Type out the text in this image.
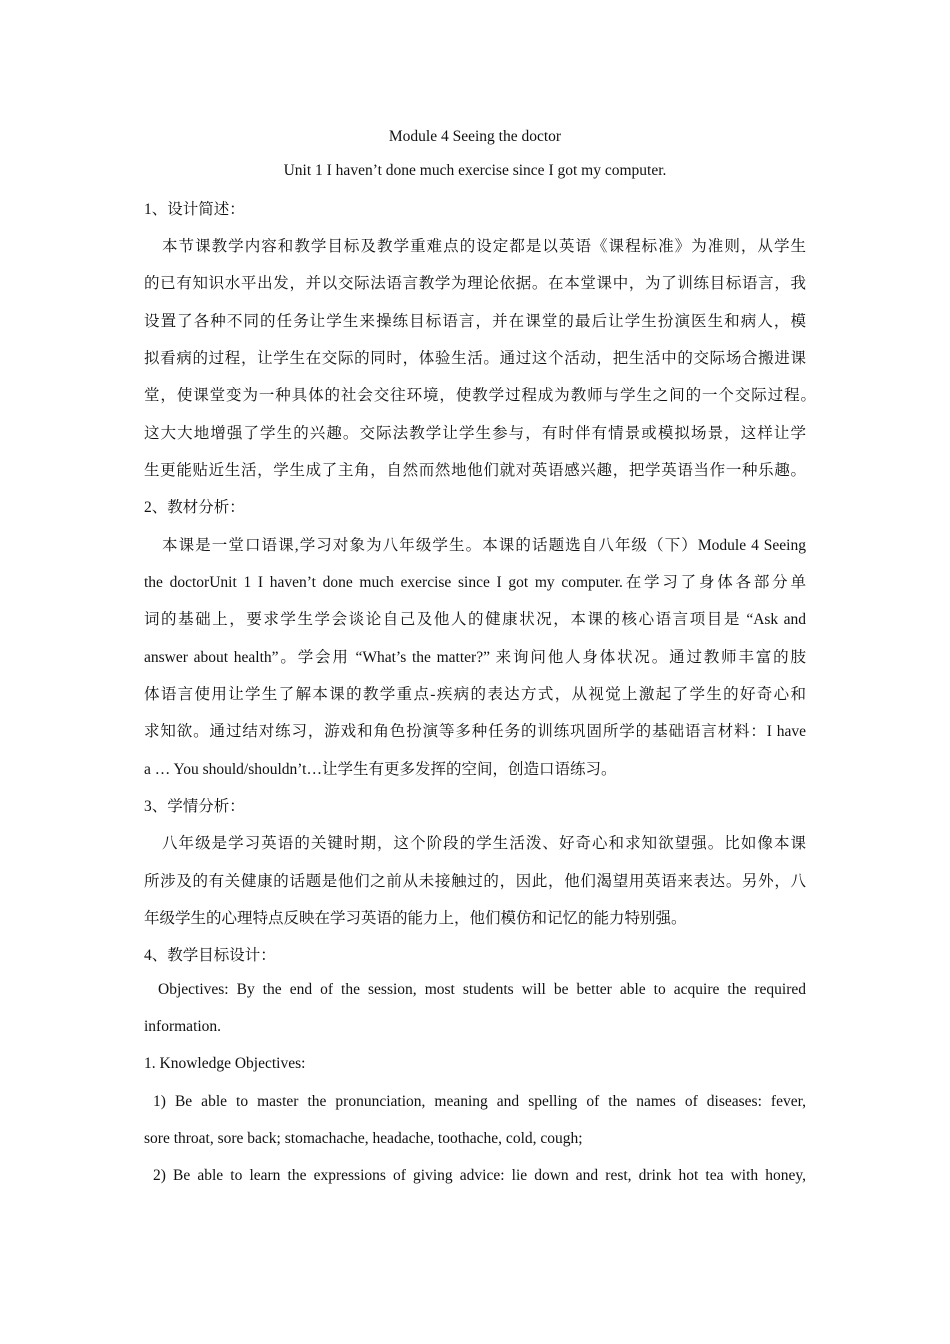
Module 4 Seeing the doctor
Unit 1 I haven’t done much exercise since I got my computer.
1、设计简述：
本节课教学内容和教学目标及教学重难点的设定都是以英语《课程标准》为准则，从学生
的已有知识水平出发，并以交际法语言教学为理论依据。在本堂课中，为了训练目标语言，我
设置了各种不同的任务让学生来操练目标语言，并在课堂的最后让学生扮演医生和病人，模
拟看病的过程，让学生在交际的同时，体验生活。通过这个活动，把生活中的交际场合搬进课
堂，使课堂变为一种具体的社会交往环境，使教学过程成为教师与学生之间的一个交际过程。
这大大地增强了学生的兴趣。交际法教学让学生参与，有时伴有情景或模拟场景，这样让学
生更能贴近生活，学生成了主角，自然而然地他们就对英语感兴趣，把学英语当作一种乐趣。
2、教材分析：
本课是一堂口语课,学习对象为八年级学生。本课的话题选自八年级（下）Module 4 Seeing
the doctorUnit 1 I haven’t done much exercise since I got my computer.在学习了身体各部分单
词的基础上，要求学生学会谈论自己及他人的健康状况，本课的核心语言项目是 “Ask and
answer about health”。学会用 “What’s the matter?” 来询问他人身体状况。通过教师丰富的肢
体语言使用让学生了解本课的教学重点-疾病的表达方式，从视觉上激起了学生的好奇心和
求知欲。通过结对练习，游戏和角色扮演等多种任务的训练巩固所学的基础语言材料：I have
a … You should/shouldn’t…让学生有更多发挥的空间，创造口语练习。
3、学情分析：
八年级是学习英语的关键时期，这个阶段的学生活泼、好奇心和求知欲望强。比如像本课
所涉及的有关健康的话题是他们之前从未接触过的，因此，他们渴望用英语来表达。另外，八
年级学生的心理特点反映在学习英语的能力上，他们模仿和记忆的能力特别强。
4、教学目标设计：
Objectives: By the end of the session, most students will be better able to acquire the required
information.
1. Knowledge Objectives:
1) Be able to master the pronunciation, meaning and spelling of the names of diseases: fever,
sore throat, sore back; stomachache, headache, toothache, cold, cough;
2) Be able to learn the expressions of giving advice: lie down and rest, drink hot tea with honey,
